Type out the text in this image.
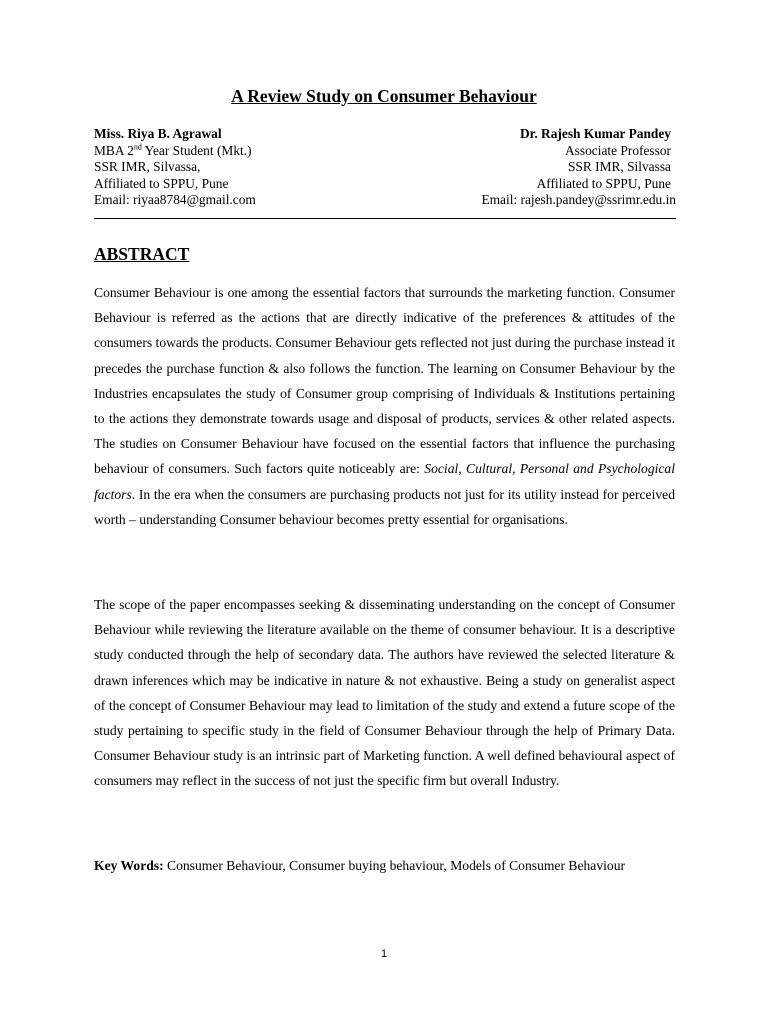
A Review Study on Consumer Behaviour
Miss. Riya B. Agrawal
MBA 2nd Year Student (Mkt.)
SSR IMR, Silvassa,
Affiliated to SPPU, Pune
Email: riyaa8784@gmail.com
Dr. Rajesh Kumar Pandey
Associate Professor
SSR IMR, Silvassa
Affiliated to SPPU, Pune
Email: rajesh.pandey@ssrimr.edu.in
ABSTRACT
Consumer Behaviour is one among the essential factors that surrounds the marketing function. Consumer Behaviour is referred as the actions that are directly indicative of the preferences & attitudes of the consumers towards the products. Consumer Behaviour gets reflected not just during the purchase instead it precedes the purchase function & also follows the function. The learning on Consumer Behaviour by the Industries encapsulates the study of Consumer group comprising of Individuals & Institutions pertaining to the actions they demonstrate towards usage and disposal of products, services & other related aspects. The studies on Consumer Behaviour have focused on the essential factors that influence the purchasing behaviour of consumers. Such factors quite noticeably are: Social, Cultural, Personal and Psychological factors. In the era when the consumers are purchasing products not just for its utility instead for perceived worth – understanding Consumer behaviour becomes pretty essential for organisations.
The scope of the paper encompasses seeking & disseminating understanding on the concept of Consumer Behaviour while reviewing the literature available on the theme of consumer behaviour. It is a descriptive study conducted through the help of secondary data. The authors have reviewed the selected literature & drawn inferences which may be indicative in nature & not exhaustive. Being a study on generalist aspect of the concept of Consumer Behaviour may lead to limitation of the study and extend a future scope of the study pertaining to specific study in the field of Consumer Behaviour through the help of Primary Data. Consumer Behaviour study is an intrinsic part of Marketing function. A well defined behavioural aspect of consumers may reflect in the success of not just the specific firm but overall Industry.
Key Words: Consumer Behaviour, Consumer buying behaviour, Models of Consumer Behaviour
1
